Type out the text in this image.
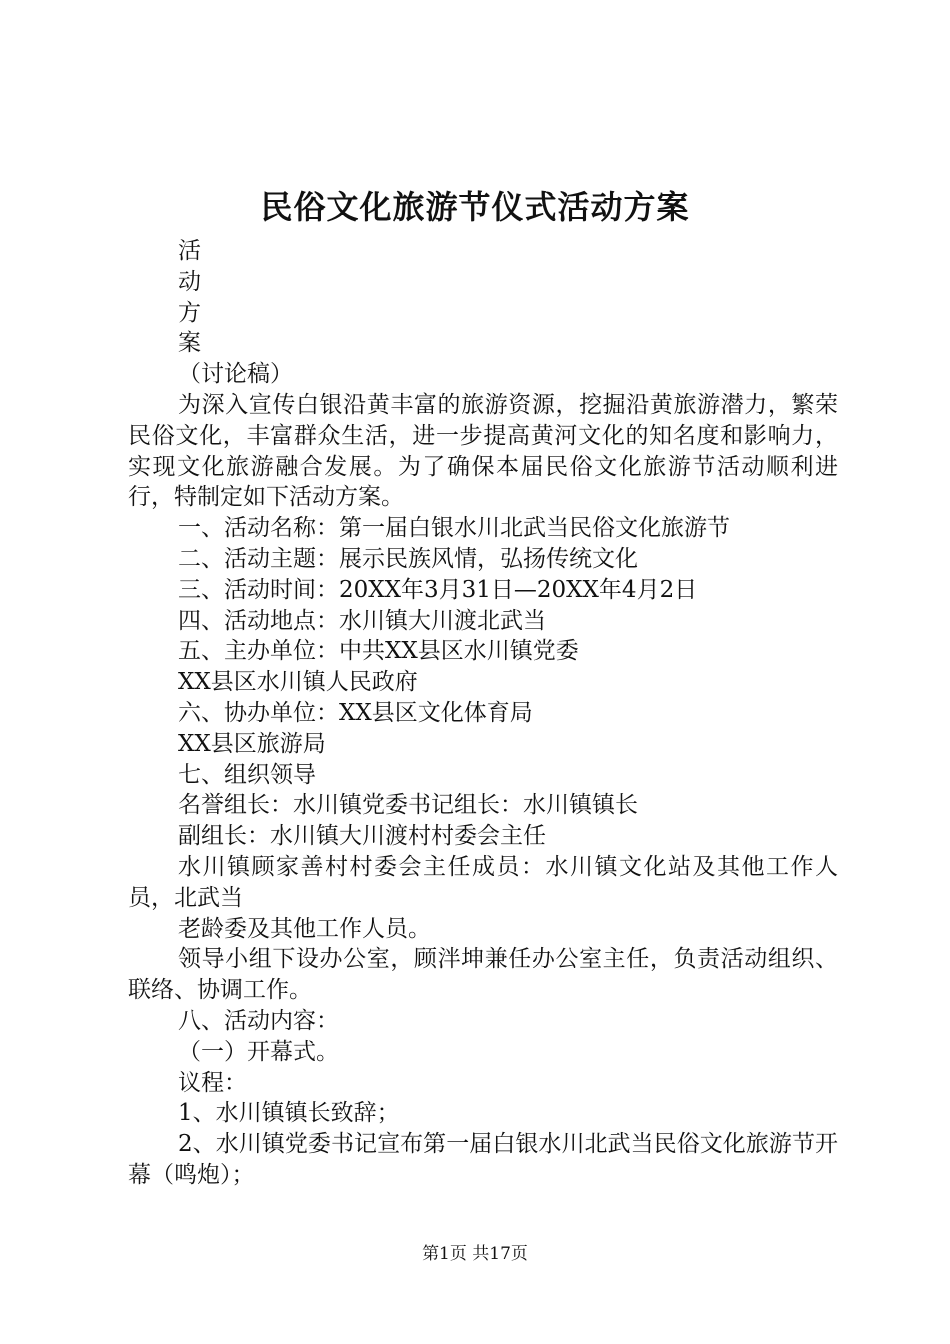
民俗文化旅游节仪式活动方案

活

动

方

案

（讨论稿）

为深入宣传白银沿黄丰富的旅游资源，挖掘沿黄旅游潜力，繁荣民俗文化，丰富群众生活，进一步提高黄河文化的知名度和影响力，实现文化旅游融合发展。为了确保本届民俗文化旅游节活动顺利进行，特制定如下活动方案。

一、活动名称：第一届白银水川北武当民俗文化旅游节

二、活动主题：展示民族风情，弘扬传统文化

三、活动时间：20XX年3月31日—20XX年4月2日

四、活动地点：水川镇大川渡北武当

五、主办单位：中共XX县区水川镇党委

XX县区水川镇人民政府

六、协办单位：XX县区文化体育局

XX县区旅游局

七、组织领导

名誉组长：水川镇党委书记组长：水川镇镇长

副组长：水川镇大川渡村村委会主任

水川镇顾家善村村委会主任成员：水川镇文化站及其他工作人员，北武当

老龄委及其他工作人员。

领导小组下设办公室，顾泮坤兼任办公室主任，负责活动组织、联络、协调工作。

八、活动内容：

（一）开幕式。

议程：

1、水川镇镇长致辞；

2、水川镇党委书记宣布第一届白银水川北武当民俗文化旅游节开幕（鸣炮）；

第1页 共17页
